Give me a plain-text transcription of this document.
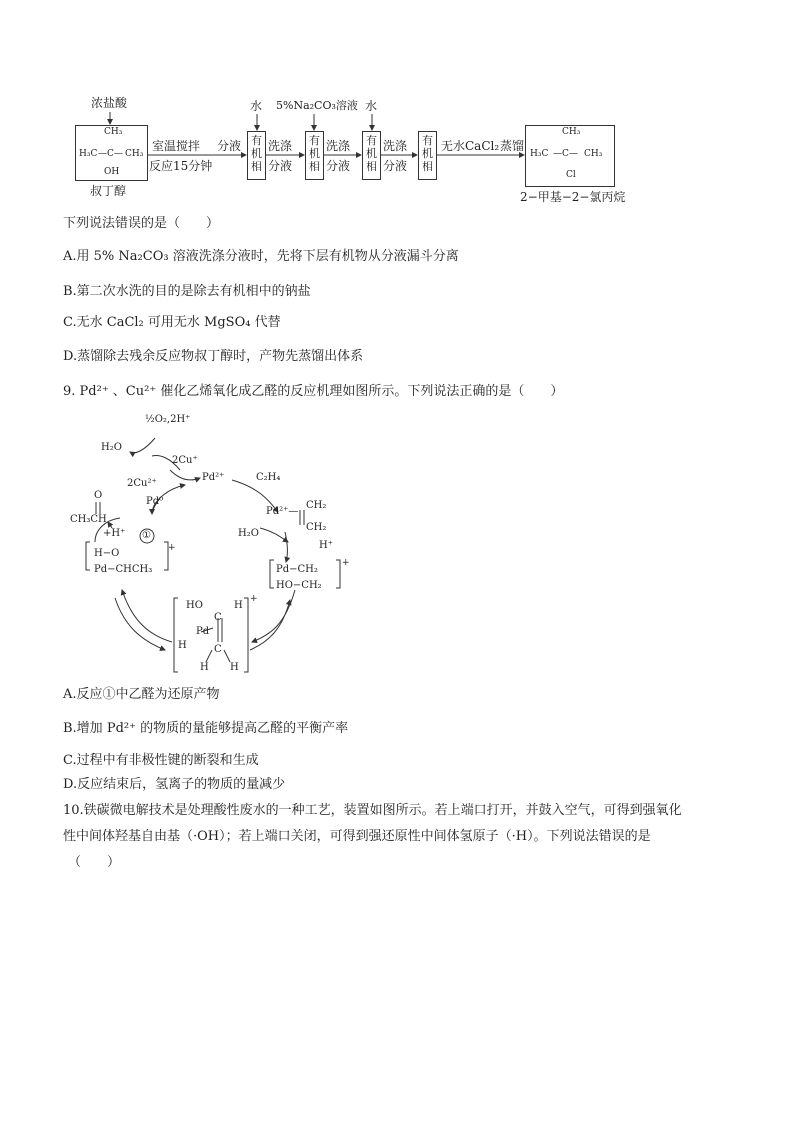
浓盐酸
CH₃
H₃C —C— CH₃
OH
叔丁醇
室温搅拌
反应15分钟
分液
水 5%Na₂CO₃溶液 水
有机相
洗涤
分液
有机相
洗涤
分液
有机相
洗涤
分液
有机相
无水CaCl₂ 蒸馏
CH₃
H₃C —C— CH₃
Cl
2−甲基−2−氯丙烷
下列说法错误的是（　　）
A.用 5% Na₂CO₃ 溶液洗涤分液时，先将下层有机物从分液漏斗分离
B.第二次水洗的目的是除去有机相中的钠盐
C.无水 CaCl₂ 可用无水 MgSO₄ 代替
D.蒸馏除去残余反应物叔丁醇时，产物先蒸馏出体系
9. Pd²⁺ 、Cu²⁺ 催化乙烯氧化成乙醛的反应机理如图所示。下列说法正确的是（　　）
½O₂,2H⁺
H₂O
2Cu⁺
2Cu²⁺
Pd²⁺
Pd⁰
C₂H₄
O
CH₃CH
+H⁺ ①
Pd²⁺—
CH₂
CH₂
H₂O
H⁺
H−O
Pd−CHCH₃
+
Pd−CH₂
HO−CH₂
+
HO	H
Pd
C
C
H
H H
+
A.反应①中乙醛为还原产物
B.增加 Pd²⁺ 的物质的量能够提高乙醛的平衡产率
C.过程中有非极性键的断裂和生成
D.反应结束后，氢离子的物质的量减少
10.铁碳微电解技术是处理酸性废水的一种工艺，装置如图所示。若上端口打开，并鼓入空气，可得到强氧化
性中间体羟基自由基（·OH）；若上端口关闭，可得到强还原性中间体氢原子（·H）。下列说法错误的是
（　　）
